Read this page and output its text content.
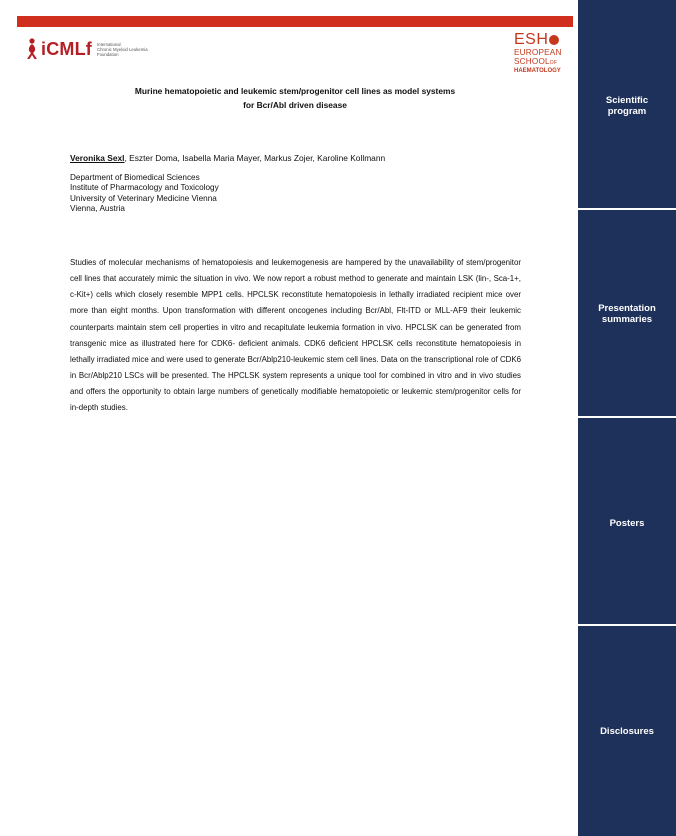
iCMLf International
Chronic Myeloid Leukemia
Foundation
ESH
EUROPEAN
SCHOOLOF
HAEMATOLOGY
Murine hematopoietic and leukemic stem/progenitor cell lines as model systems
for Bcr/Abl driven disease
Veronika Sexl, Eszter Doma, Isabella Maria Mayer, Markus Zojer, Karoline Kollmann
Department of Biomedical Sciences
Institute of Pharmacology and Toxicology
University of Veterinary Medicine Vienna
Vienna, Austria
Studies of molecular mechanisms of hematopoiesis and leukemogenesis are hampered by the unavailability of stem/progenitor cell lines that accurately mimic the situation in vivo. We now report a robust method to generate and maintain LSK (lin-, Sca-1+, c-Kit+) cells which closely resemble MPP1 cells. HPCLSK reconstitute hematopoiesis in lethally irradiated recipient mice over more than eight months. Upon transformation with different oncogenes including Bcr/Abl, Flt-ITD or MLL-AF9 their leukemic counterparts maintain stem cell properties in vitro and recapitulate leukemia formation in vivo. HPCLSK can be generated from transgenic mice as illustrated here for CDK6- deficient animals. CDK6 deficient HPCLSK cells reconstitute hematopoiesis in lethally irradiated mice and were used to generate Bcr/Ablp210-leukemic stem cell lines. Data on the transcriptional role of CDK6 in Bcr/Ablp210 LSCs will be presented. The HPCLSK system represents a unique tool for combined in vitro and in vivo studies and offers the opportunity to obtain large numbers of genetically modifiable hematopoietic or leukemic stem/progenitor cells for in-depth studies.
Scientific
program
Presentation
summaries
Posters
Disclosures
